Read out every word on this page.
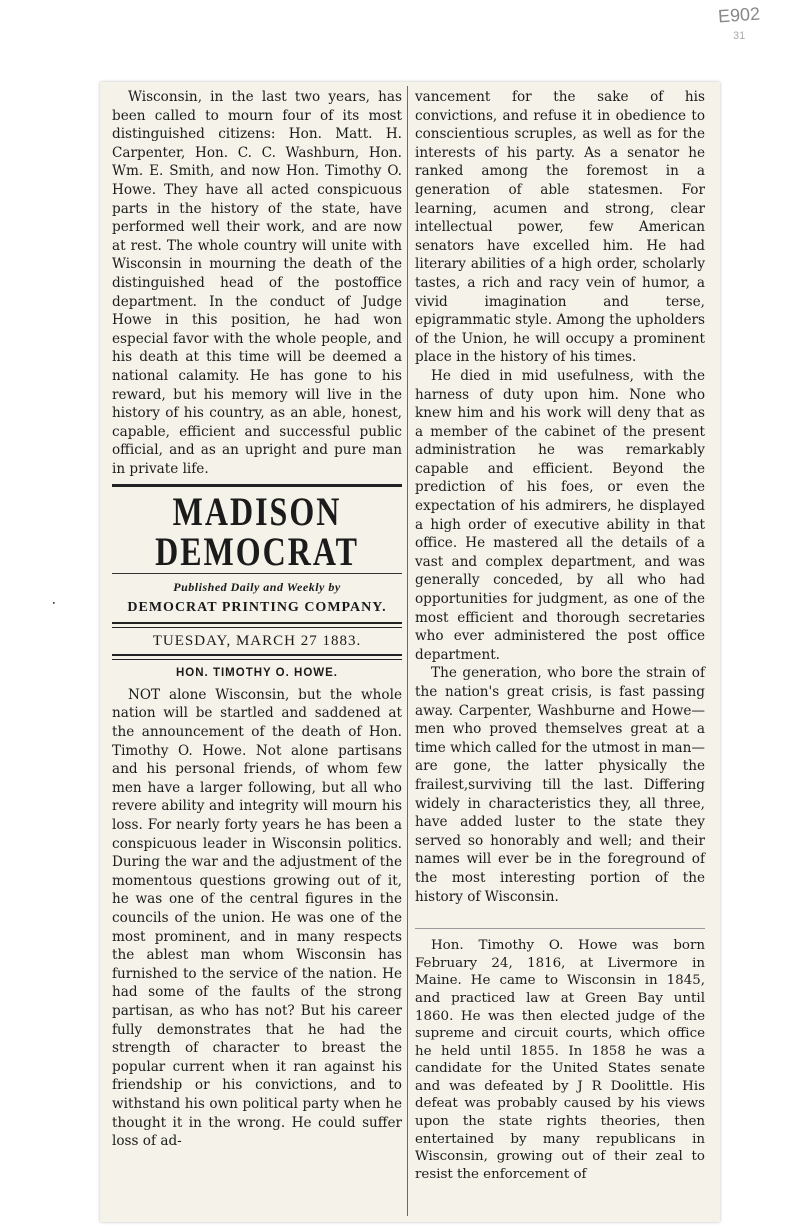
E902
31
.

Wisconsin, in the last two years, has been called to mourn four of its most distinguished citizens: Hon. Matt. H. Carpenter, Hon. C. C. Washburn, Hon. Wm. E. Smith, and now Hon. Timothy O. Howe. They have all acted conspicuous parts in the history of the state, have performed well their work, and are now at rest. The whole country will unite with Wisconsin in mourning the death of the distinguished head of the postoffice department. In the conduct of Judge Howe in this position, he had won especial favor with the whole people, and his death at this time will be deemed a national calamity. He has gone to his reward, but his memory will live in the history of his country, as an able, honest, capable, efficient and successful public official, and as an upright and pure man in private life.

MADISON DEMOCRAT
Published Daily and Weekly by
DEMOCRAT PRINTING COMPANY.
TUESDAY, MARCH 27 1883.
HON. TIMOTHY O. HOWE.

NOT alone Wisconsin, but the whole nation will be startled and saddened at the announcement of the death of Hon. Timothy O. Howe. Not alone partisans and his personal friends, of whom few men have a larger following, but all who revere ability and integrity will mourn his loss. For nearly forty years he has been a conspicuous leader in Wisconsin politics. During the war and the adjustment of the momentous questions growing out of it, he was one of the central figures in the councils of the union. He was one of the most prominent, and in many respects the ablest man whom Wisconsin has furnished to the service of the nation. He had some of the faults of the strong partisan, as who has not? But his career fully demonstrates that he had the strength of character to breast the popular current when it ran against his friendship or his convictions, and to withstand his own political party when he thought it in the wrong. He could suffer loss of ad-

vancement for the sake of his convictions, and refuse it in obedience to conscientious scruples, as well as for the interests of his party. As a senator he ranked among the foremost in a generation of able statesmen. For learning, acumen and strong, clear intellectual power, few American senators have excelled him. He had literary abilities of a high order, scholarly tastes, a rich and racy vein of humor, a vivid imagination and terse, epigrammatic style. Among the upholders of the Union, he will occupy a prominent place in the history of his times.

He died in mid usefulness, with the harness of duty upon him. None who knew him and his work will deny that as a member of the cabinet of the present administration he was remarkably capable and efficient. Beyond the prediction of his foes, or even the expectation of his admirers, he displayed a high order of executive ability in that office. He mastered all the details of a vast and complex department, and was generally conceded, by all who had opportunities for judgment, as one of the most efficient and thorough secretaries who ever administered the post office department.

The generation, who bore the strain of the nation's great crisis, is fast passing away. Carpenter, Washburne and Howe—men who proved themselves great at a time which called for the utmost in man—are gone, the latter physically the frailest,surviving till the last. Differing widely in characteristics they, all three, have added luster to the state they served so honorably and well; and their names will ever be in the foreground of the most interesting portion of the history of Wisconsin.

Hon. Timothy O. Howe was born February 24, 1816, at Livermore in Maine. He came to Wisconsin in 1845, and practiced law at Green Bay until 1860. He was then elected judge of the supreme and circuit courts, which office he held until 1855. In 1858 he was a candidate for the United States senate and was defeated by J R Doolittle. His defeat was probably caused by his views upon the state rights theories, then entertained by many republicans in Wisconsin, growing out of their zeal to resist the enforcement of
